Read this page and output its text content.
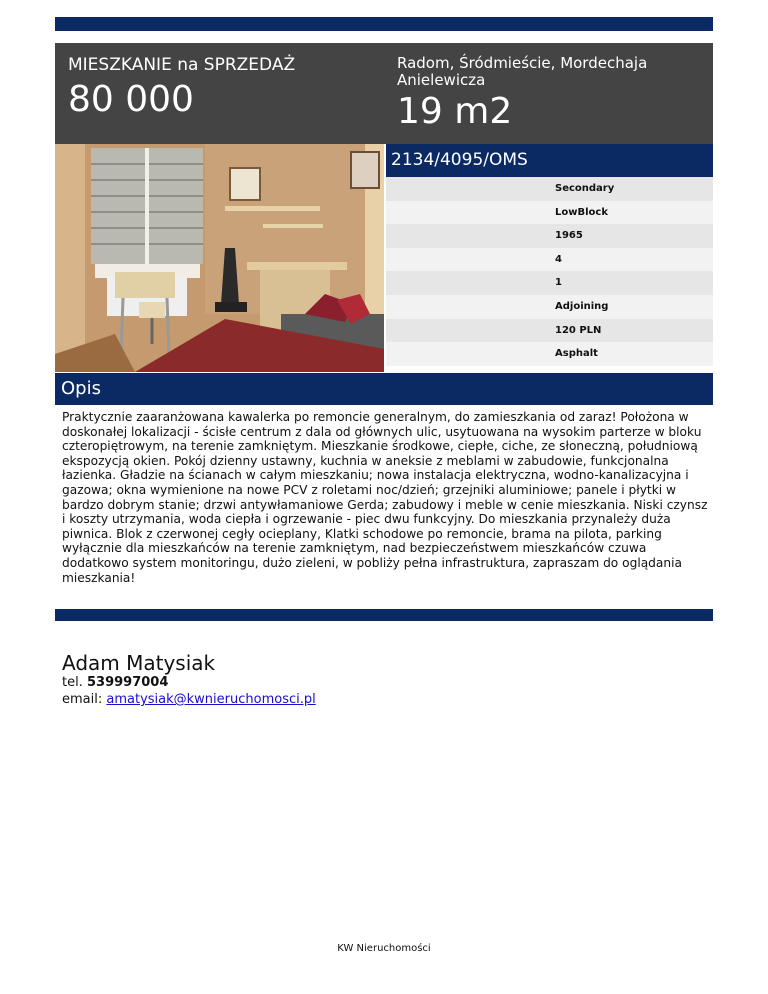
MIESZKANIE na SPRZEDAŻ
80 000
Radom, Śródmieście, Mordechaja Anielewicza
19 m2
2134/4095/OMS
Secondary
LowBlock
1965
4
1
Adjoining
120 PLN
Asphalt
Opis
Praktycznie zaaranżowana kawalerka po remoncie generalnym, do zamieszkania od zaraz! Położona w doskonałej lokalizacji - ścisłe centrum z dala od głównych ulic, usytuowana na wysokim parterze w bloku czteropiętrowym, na terenie zamkniętym. Mieszkanie środkowe, ciepłe, ciche, ze słoneczną, południową ekspozycją okien. Pokój dzienny ustawny, kuchnia w aneksie z meblami w zabudowie, funkcjonalna łazienka. Gładzie na ścianach w całym mieszkaniu; nowa instalacja elektryczna, wodno-kanalizacyjna i gazowa; okna wymienione na nowe PCV z roletami noc/dzień; grzejniki aluminiowe; panele i płytki w bardzo dobrym stanie; drzwi antywłamaniowe Gerda; zabudowy i meble w cenie mieszkania. Niski czynsz i koszty utrzymania, woda ciepła i ogrzewanie - piec dwu funkcyjny. Do mieszkania przynależy duża piwnica. Blok z czerwonej cegły ocieplany, Klatki schodowe po remoncie, brama na pilota, parking wyłącznie dla mieszkańców na terenie zamkniętym, nad bezpieczeństwem mieszkańców czuwa dodatkowo system monitoringu, dużo zieleni, w pobliży pełna infrastruktura, zapraszam do oglądania mieszkania!
Adam Matysiak
tel. 539997004
email: amatysiak@kwnieruchomosci.pl
KW Nieruchomości
